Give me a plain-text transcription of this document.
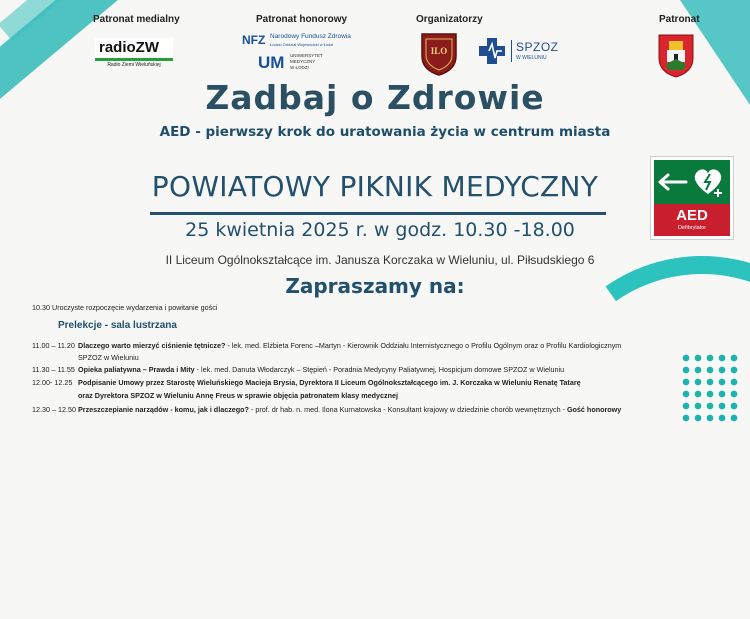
Patronat medialny	Patronat honorowy	Organizatorzy	Patronat
radioZW
Radio Ziemi Wieluńskiej
NFZ Narodowy Fundusz Zdrowia
Łódzki Oddział Wojewódzki w Łodzi
UM UNIWERSYTET
MEDYCZNY
W ŁODZI
ILO	SPZOZ
W WIELUNIU
Zadbaj o Zdrowie
AED - pierwszy krok do uratowania życia w centrum miasta
AED
Defibrylator
POWIATOWY PIKNIK MEDYCZNY
25 kwietnia 2025 r. w godz. 10.30 -18.00
II Liceum Ogólnokształcące im. Janusza Korczaka w Wieluniu, ul. Piłsudskiego 6
Zapraszamy na:
10.30 Uroczyste rozpoczęcie wydarzenia i powitanie gości
Prelekcje - sala lustrzana
11.00 – 11.20 Dlaczego warto mierzyć ciśnienie tętnicze? - lek. med. Elżbieta Forenc –Martyn - Kierownik Oddziału Internistycznego o Profilu Ogólnym oraz o Profilu Kardiologicznym
SPZOZ w Wieluniu
11.30 – 11.55 Opieka paliatywna – Prawda i Mity - lek. med. Danuta Włodarczyk – Stępień - Poradnia Medycyny Paliatywnej, Hospicjum domowe SPZOZ w Wieluniu
12.00- 12.25 Podpisanie Umowy przez Starostę Wieluńskiego Macieja Brysia, Dyrektora II Liceum Ogólnokształcącego im. J. Korczaka w Wieluniu Renatę Tatarę
oraz Dyrektora SPZOZ w Wieluniu Annę Freus w sprawie objęcia patronatem klasy medycznej
12.30 – 12.50 Przeszczepianie narządów - komu, jak i dlaczego? - prof. dr hab. n. med. Ilona Kurnatowska - Konsultant krajowy w dziedzinie chorób wewnętrznych - Gość honorowy
